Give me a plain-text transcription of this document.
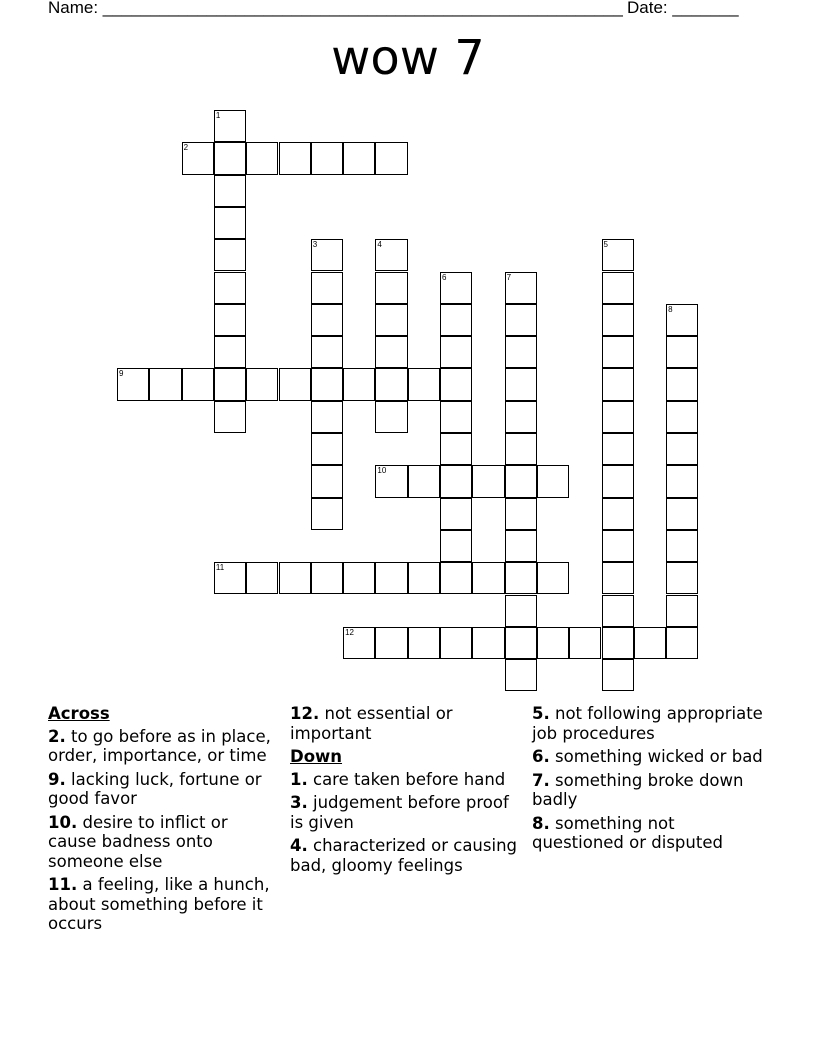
Name: _______________________________________________________ Date: _______
wow 7
1
2
3	4	5
6	7
8
9
10
11
12
Across
2. to go before as in place, order, importance, or time
9. lacking luck, fortune or good favor
10. desire to inflict or cause badness onto someone else
11. a feeling, like a hunch, about something before it occurs
12. not essential or important
Down
1. care taken before hand
3. judgement before proof is given
4. characterized or causing bad, gloomy feelings
5. not following appropriate job procedures
6. something wicked or bad
7. something broke down badly
8. something not questioned or disputed
